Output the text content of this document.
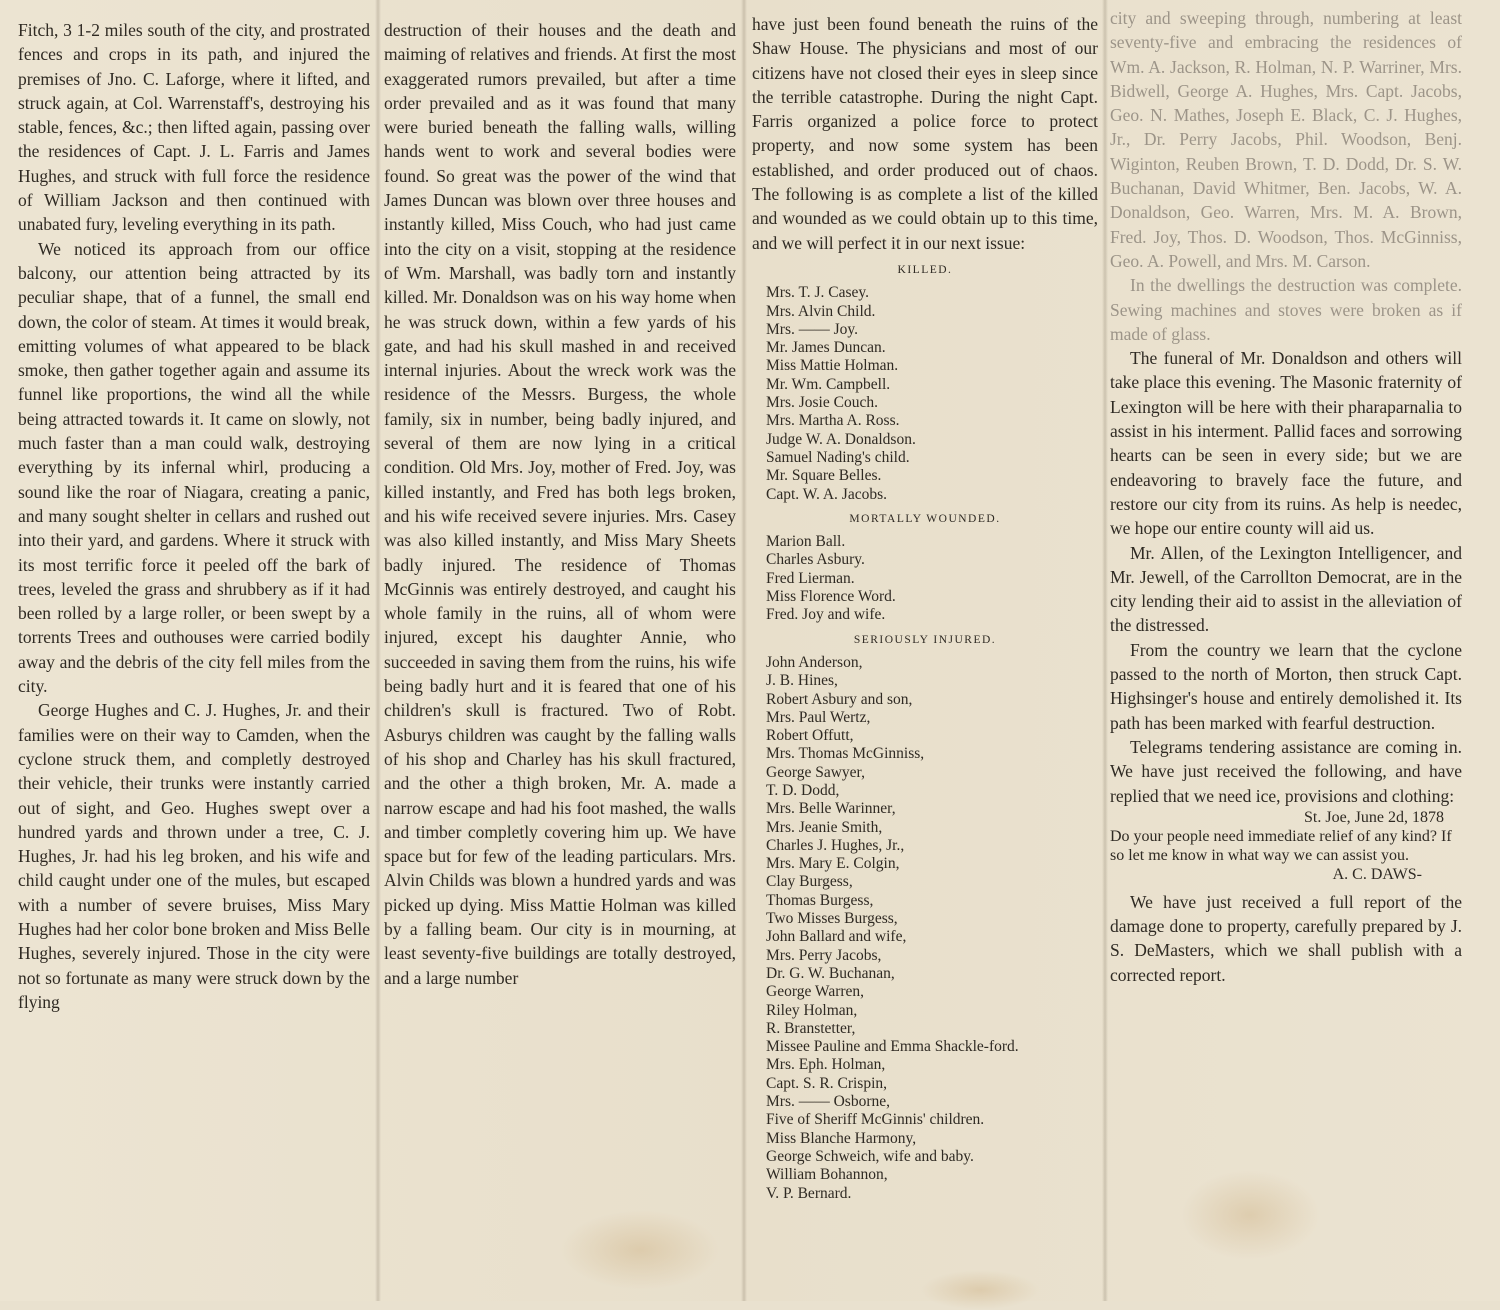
Fitch, 3 1-2 miles south of the city, and prostrated fences and crops in its path, and injured the premises of Jno. C. Laforge, where it lifted, and struck again, at Col. Warrenstaff's, destroying his stable, fences, &c.; then lifted again, passing over the residences of Capt. J. L. Farris and James Hughes, and struck with full force the residence of William Jackson and then continued with unabated fury, leveling everything in its path.

We noticed its approach from our office balcony, our attention being attracted by its peculiar shape, that of a funnel, the small end down, the color of steam. At times it would break, emitting volumes of what appeared to be black smoke, then gather together again and assume its funnel like proportions, the wind all the while being attracted towards it. It came on slowly, not much faster than a man could walk, destroying everything by its infernal whirl, producing a sound like the roar of Niagara, creating a panic, and many sought shelter in cellars and rushed out into their yard, and gardens. Where it struck with its most terrific force it peeled off the bark of trees, leveled the grass and shrubbery as if it had been rolled by a large roller, or been swept by a torrents Trees and outhouses were carried bodily away and the debris of the city fell miles from the city.

George Hughes and C. J. Hughes, Jr. and their families were on their way to Camden, when the cyclone struck them, and completly destroyed their vehicle, their trunks were instantly carried out of sight, and Geo. Hughes swept over a hundred yards and thrown under a tree, C. J. Hughes, Jr. had his leg broken, and his wife and child caught under one of the mules, but escaped with a number of severe bruises, Miss Mary Hughes had her color bone broken and Miss Belle Hughes, severely injured. Those in the city were not so fortunate as many were struck down by the flying

destruction of their houses and the death and maiming of relatives and friends. At first the most exaggerated rumors prevailed, but after a time order prevailed and as it was found that many were buried beneath the falling walls, willing hands went to work and several bodies were found. So great was the power of the wind that James Duncan was blown over three houses and instantly killed, Miss Couch, who had just came into the city on a visit, stopping at the residence of Wm. Marshall, was badly torn and instantly killed. Mr. Donaldson was on his way home when he was struck down, within a few yards of his gate, and had his skull mashed in and received internal injuries. About the wreck work was the residence of the Messrs. Burgess, the whole family, six in number, being badly injured, and several of them are now lying in a critical condition. Old Mrs. Joy, mother of Fred. Joy, was killed instantly, and Fred has both legs broken, and his wife received severe injuries. Mrs. Casey was also killed instantly, and Miss Mary Sheets badly injured. The residence of Thomas McGinnis was entirely destroyed, and caught his whole family in the ruins, all of whom were injured, except his daughter Annie, who succeeded in saving them from the ruins, his wife being badly hurt and it is feared that one of his children's skull is fractured. Two of Robt. Asburys children was caught by the falling walls of his shop and Charley has his skull fractured, and the other a thigh broken, Mr. A. made a narrow escape and had his foot mashed, the walls and timber completly covering him up. We have space but for few of the leading particulars. Mrs. Alvin Childs was blown a hundred yards and was picked up dying. Miss Mattie Holman was killed by a falling beam. Our city is in mourning, at least seventy-five buildings are totally destroyed, and a large number

have just been found beneath the ruins of the Shaw House. The physicians and most of our citizens have not closed their eyes in sleep since the terrible catastrophe. During the night Capt. Farris organized a police force to protect property, and now some system has been established, and order produced out of chaos. The following is as complete a list of the killed and wounded as we could obtain up to this time, and we will perfect it in our next issue:

KILLED.
Mrs. T. J. Casey.
Mrs. Alvin Child.
Mrs. —— Joy.
Mr. James Duncan.
Miss Mattie Holman.
Mr. Wm. Campbell.
Mrs. Josie Couch.
Mrs. Martha A. Ross.
Judge W. A. Donaldson.
Samuel Nading's child.
Mr. Square Belles.
Capt. W. A. Jacobs.
MORTALLY WOUNDED.
Marion Ball.
Charles Asbury.
Fred Lierman.
Miss Florence Word.
Fred. Joy and wife.
SERIOUSLY INJURED.
John Anderson,
J. B. Hines,
Robert Asbury and son,
Mrs. Paul Wertz,
Robert Offutt,
Mrs. Thomas McGinniss,
George Sawyer,
T. D. Dodd,
Mrs. Belle Warinner,
Mrs. Jeanie Smith,
Charles J. Hughes, Jr.,
Mrs. Mary E. Colgin,
Clay Burgess,
Thomas Burgess,
Two Misses Burgess,
John Ballard and wife,
Mrs. Perry Jacobs,
Dr. G. W. Buchanan,
George Warren,
Riley Holman,
R. Branstetter,
Missee Pauline and Emma Shackle-ford.
Mrs. Eph. Holman,
Capt. S. R. Crispin,
Mrs. —— Osborne,
Five of Sheriff McGinnis' children.
Miss Blanche Harmony,
George Schweich, wife and baby.
William Bohannon,
V. P. Bernard.

city and sweeping through, numbering at least seventy-five and embracing the residences of Wm. A. Jackson, R. Holman, N. P. Warriner, Mrs. Bidwell, George A. Hughes, Mrs. Capt. Jacobs, Geo. N. Mathes, Joseph E. Black, C. J. Hughes, Jr., Dr. Perry Jacobs, Phil. Woodson, Benj. Wiginton, Reuben Brown, T. D. Dodd, Dr. S. W. Buchanan, David Whitmer, Ben. Jacobs, W. A. Donaldson, Geo. Warren, Mrs. M. A. Brown, Fred. Joy, Thos. D. Woodson, Thos. McGinniss, Geo. A. Powell, and Mrs. M. Carson.

In the dwellings the destruction was complete. Sewing machines and stoves were broken as if made of glass.

The funeral of Mr. Donaldson and others will take place this evening. The Masonic fraternity of Lexington will be here with their pharaparnalia to assist in his interment. Pallid faces and sorrowing hearts can be seen in every side; but we are endeavoring to bravely face the future, and restore our city from its ruins. As help is needec, we hope our entire county will aid us.

Mr. Allen, of the Lexington Intelligencer, and Mr. Jewell, of the Carrollton Democrat, are in the city lending their aid to assist in the alleviation of the distressed.

From the country we learn that the cyclone passed to the north of Morton, then struck Capt. Highsinger's house and entirely demolished it. Its path has been marked with fearful destruction.

Telegrams tendering assistance are coming in. We have just received the following, and have replied that we need ice, provisions and clothing:

St. Joe, June 2d, 1878
Do your people need immediate relief of any kind? If so let me know in what way we can assist you.
A. C. DAWS-

We have just received a full report of the damage done to property, carefully prepared by J. S. DeMasters, which we shall publish with a corrected report.
